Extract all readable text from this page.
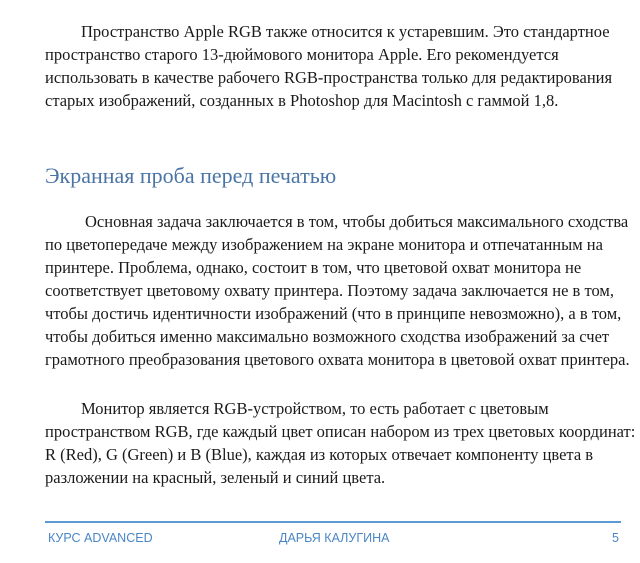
Пространство Apple RGB также относится к устаревшим. Это стандартное
пространство старого 13-дюймового монитора Apple. Его рекомендуется
использовать в качестве рабочего RGB-пространства только для редактирования
старых изображений, созданных в Photoshop для Macintosh с гаммой 1,8.
Экранная проба перед печатью
Основная задача заключается в том, чтобы добиться максимального сходства
по цветопередаче между изображением на экране монитора и отпечатанным на
принтере. Проблема, однако, состоит в том, что цветовой охват монитора не
соответствует цветовому охвату принтера. Поэтому задача заключается не в том,
чтобы достичь идентичности изображений (что в принципе невозможно), а в том,
чтобы добиться именно максимально возможного сходства изображений за счет
грамотного преобразования цветового охвата монитора в цветовой охват принтера.
Монитор является RGB-устройством, то есть работает с цветовым
пространством RGB, где каждый цвет описан набором из трех цветовых координат:
R (Red), G (Green) и B (Blue), каждая из которых отвечает компоненту цвета в
разложении на красный, зеленый и синий цвета.
КУРС ADVANCED	ДАРЬЯ КАЛУГИНА	5
